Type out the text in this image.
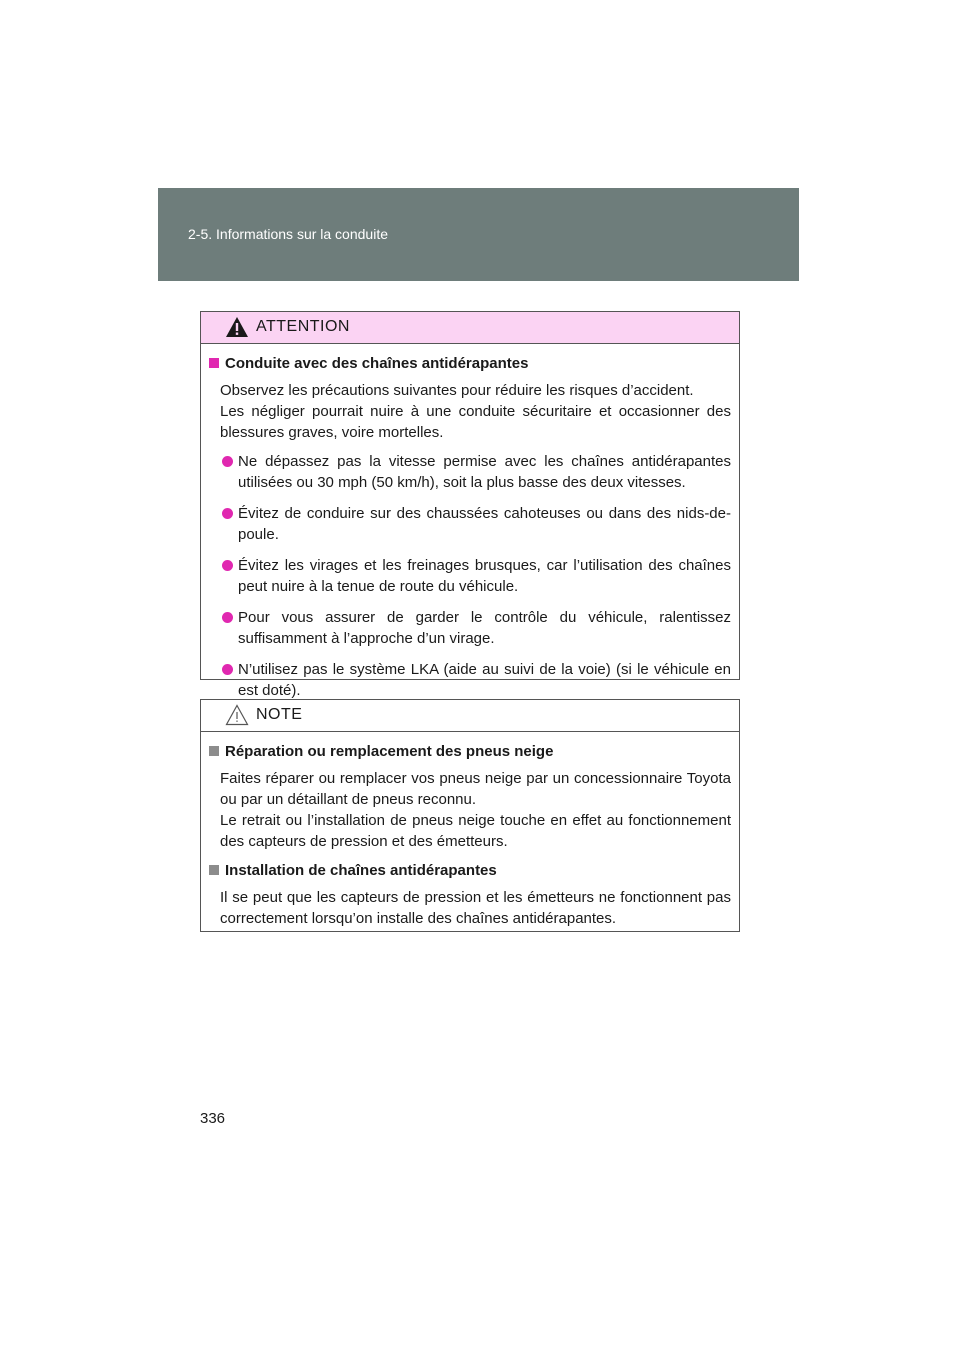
2-5. Informations sur la conduite
ATTENTION
Conduite avec des chaînes antidérapantes

Observez les précautions suivantes pour réduire les risques d’accident.

Les négliger pourrait nuire à une conduite sécuritaire et occasionner des blessures graves, voire mortelles.

Ne dépassez pas la vitesse permise avec les chaînes antidérapantes utilisées ou 30 mph (50 km/h), soit la plus basse des deux vitesses.
Évitez de conduire sur des chaussées cahoteuses ou dans des nids-de-poule.
Évitez les virages et les freinages brusques, car l’utilisation des chaînes peut nuire à la tenue de route du véhicule.
Pour vous assurer de garder le contrôle du véhicule, ralentissez suffisamment à l’approche d’un virage.
N’utilisez pas le système LKA (aide au suivi de la voie) (si le véhicule en est doté).
NOTE
Réparation ou remplacement des pneus neige

Faites réparer ou remplacer vos pneus neige par un concessionnaire Toyota ou par un détaillant de pneus reconnu.

Le retrait ou l’installation de pneus neige touche en effet au fonctionnement des capteurs de pression et des émetteurs.

Installation de chaînes antidérapantes

Il se peut que les capteurs de pression et les émetteurs ne fonctionnent pas correctement lorsqu’on installe des chaînes antidérapantes.

336
